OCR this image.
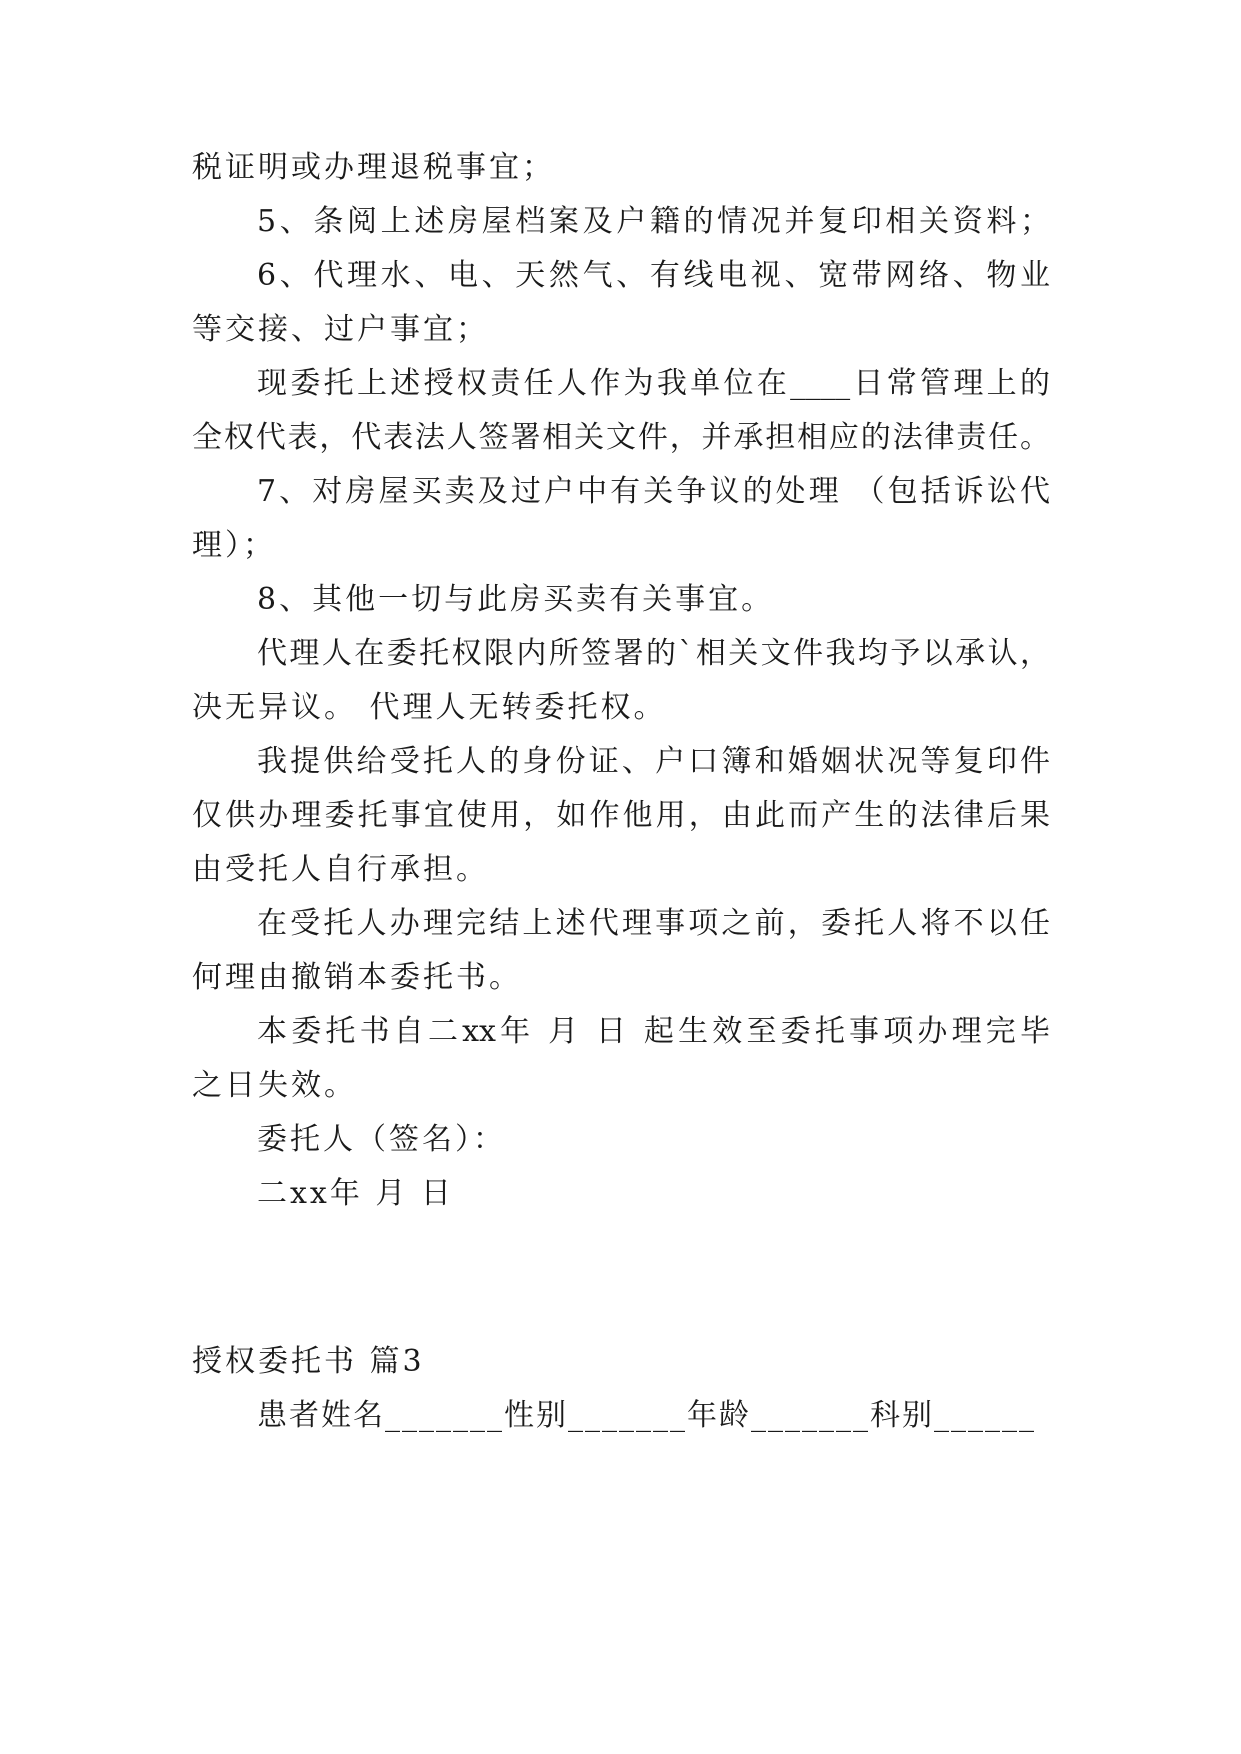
税证明或办理退税事宜；
5、条阅上述房屋档案及户籍的情况并复印相关资料；
6、代理水、电、天然气、有线电视、宽带网络、物业
等交接、过户事宜；
现委托上述授权责任人作为我单位在____日常管理上的
全权代表，代表法人签署相关文件，并承担相应的法律责任。
7、对房屋买卖及过户中有关争议的处理 （包括诉讼代
理）；
8、其他一切与此房买卖有关事宜。
代理人在委托权限内所签署的`相关文件我均予以承认，
决无异议。 代理人无转委托权。
我提供给受托人的身份证、户口簿和婚姻状况等复印件
仅供办理委托事宜使用，如作他用，由此而产生的法律后果
由受托人自行承担。
在受托人办理完结上述代理事项之前，委托人将不以任
何理由撤销本委托书。
本委托书自二xx年 月 日 起生效至委托事项办理完毕
之日失效。
委托人（签名）：
二xx年 月 日
授权委托书 篇3
患者姓名_______性别_______年龄_______科别______
